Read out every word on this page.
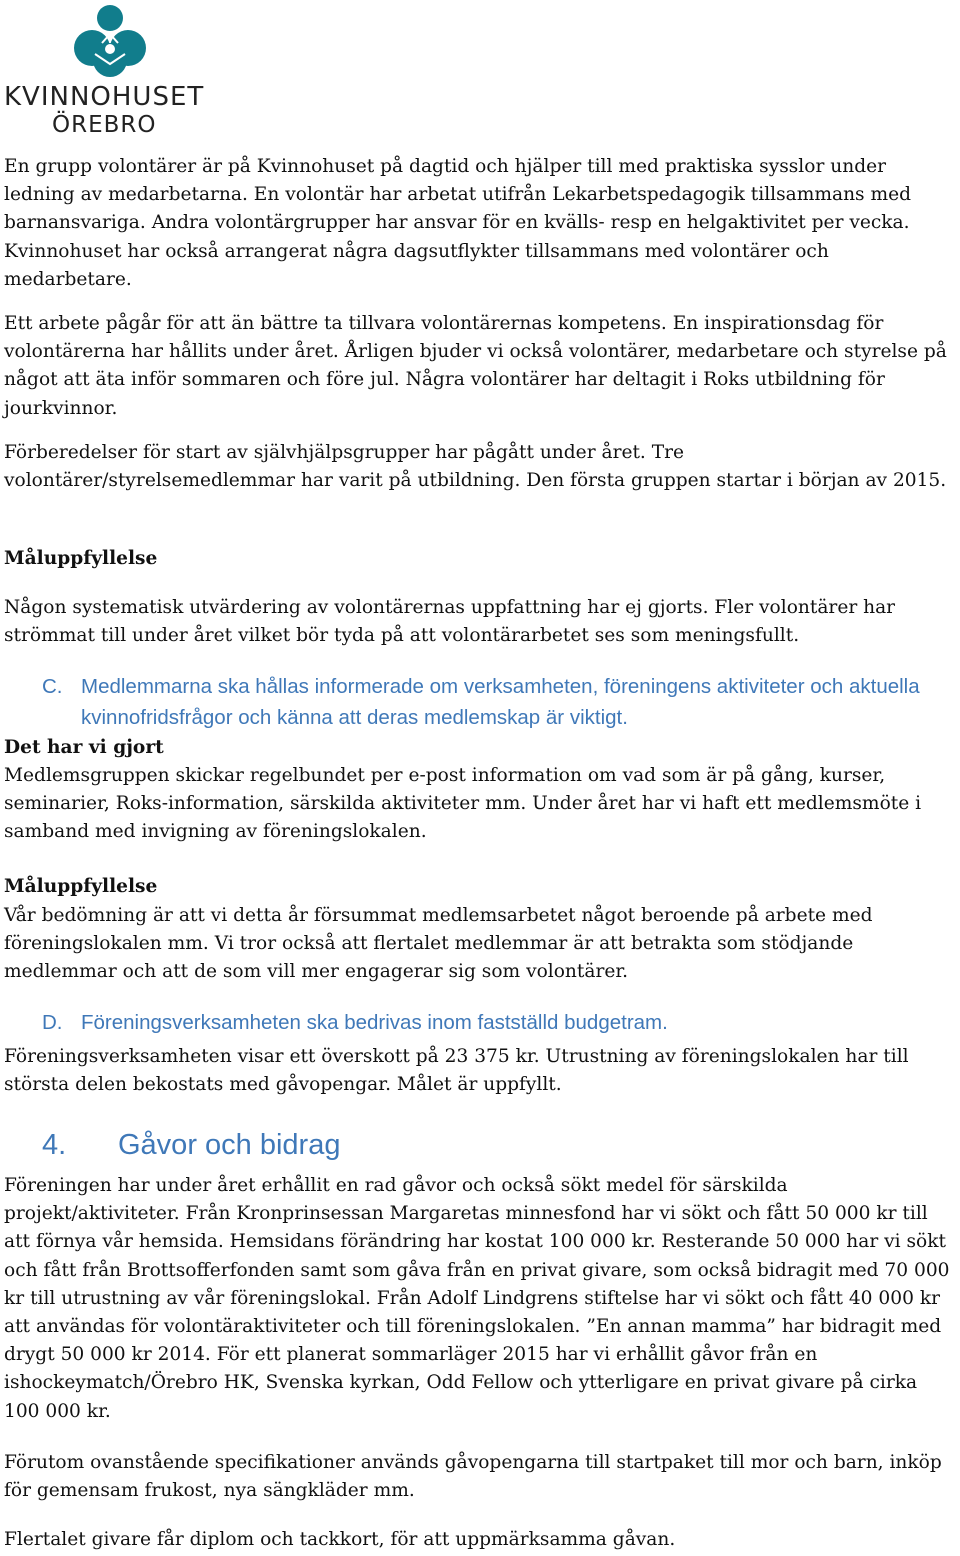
KVINNOHUSET
ÖREBRO

En grupp volontärer är på Kvinnohuset på dagtid och hjälper till med praktiska sysslor under ledning av medarbetarna. En volontär har arbetat utifrån Lekarbetspedagogik tillsammans med barnansvariga. Andra volontärgrupper har ansvar för en kvälls- resp en helgaktivitet per vecka. Kvinnohuset har också arrangerat några dagsutflykter tillsammans med volontärer och medarbetare.

Ett arbete pågår för att än bättre ta tillvara volontärernas kompetens. En inspirationsdag för volontärerna har hållits under året. Årligen bjuder vi också volontärer, medarbetare och styrelse på något att äta inför sommaren och före jul. Några volontärer har deltagit i Roks utbildning för jourkvinnor.

Förberedelser för start av självhjälpsgrupper har pågått under året. Tre volontärer/styrelsemedlemmar har varit på utbildning. Den första gruppen startar i början av 2015.

Måluppfyllelse

Någon systematisk utvärdering av volontärernas uppfattning har ej gjorts. Fler volontärer har strömmat till under året vilket bör tyda på att volontärarbetet ses som meningsfullt.

C. Medlemmarna ska hållas informerade om verksamheten, föreningens aktiviteter och aktuella kvinnofridsfrågor och känna att deras medlemskap är viktigt.

Det har vi gjort

Medlemsgruppen skickar regelbundet per e-post information om vad som är på gång, kurser, seminarier, Roks-information, särskilda aktiviteter mm. Under året har vi haft ett medlemsmöte i samband med invigning av föreningslokalen.

Måluppfyllelse

Vår bedömning är att vi detta år försummat medlemsarbetet något beroende på arbete med föreningslokalen mm. Vi tror också att flertalet medlemmar är att betrakta som stödjande medlemmar och att de som vill mer engagerar sig som volontärer.

D. Föreningsverksamheten ska bedrivas inom fastställd budgetram.

Föreningsverksamheten visar ett överskott på 23 375 kr. Utrustning av föreningslokalen har till största delen bekostats med gåvopengar. Målet är uppfyllt.

4. Gåvor och bidrag

Föreningen har under året erhållit en rad gåvor och också sökt medel för särskilda projekt/aktiviteter. Från Kronprinsessan Margaretas minnesfond har vi sökt och fått 50 000 kr till att förnya vår hemsida. Hemsidans förändring har kostat 100 000 kr. Resterande 50 000 har vi sökt och fått från Brottsofferfonden samt som gåva från en privat givare, som också bidragit med 70 000 kr till utrustning av vår föreningslokal. Från Adolf Lindgrens stiftelse har vi sökt och fått 40 000 kr att användas för volontäraktiviteter och till föreningslokalen. ”En annan mamma” har bidragit med drygt 50 000 kr 2014. För ett planerat sommarläger 2015 har vi erhållit gåvor från en ishockeymatch/Örebro HK, Svenska kyrkan, Odd Fellow och ytterligare en privat givare på cirka 100 000 kr.

Förutom ovanstående specifikationer används gåvopengarna till startpaket till mor och barn, inköp för gemensam frukost, nya sängkläder mm.

Flertalet givare får diplom och tackkort, för att uppmärksamma gåvan.
